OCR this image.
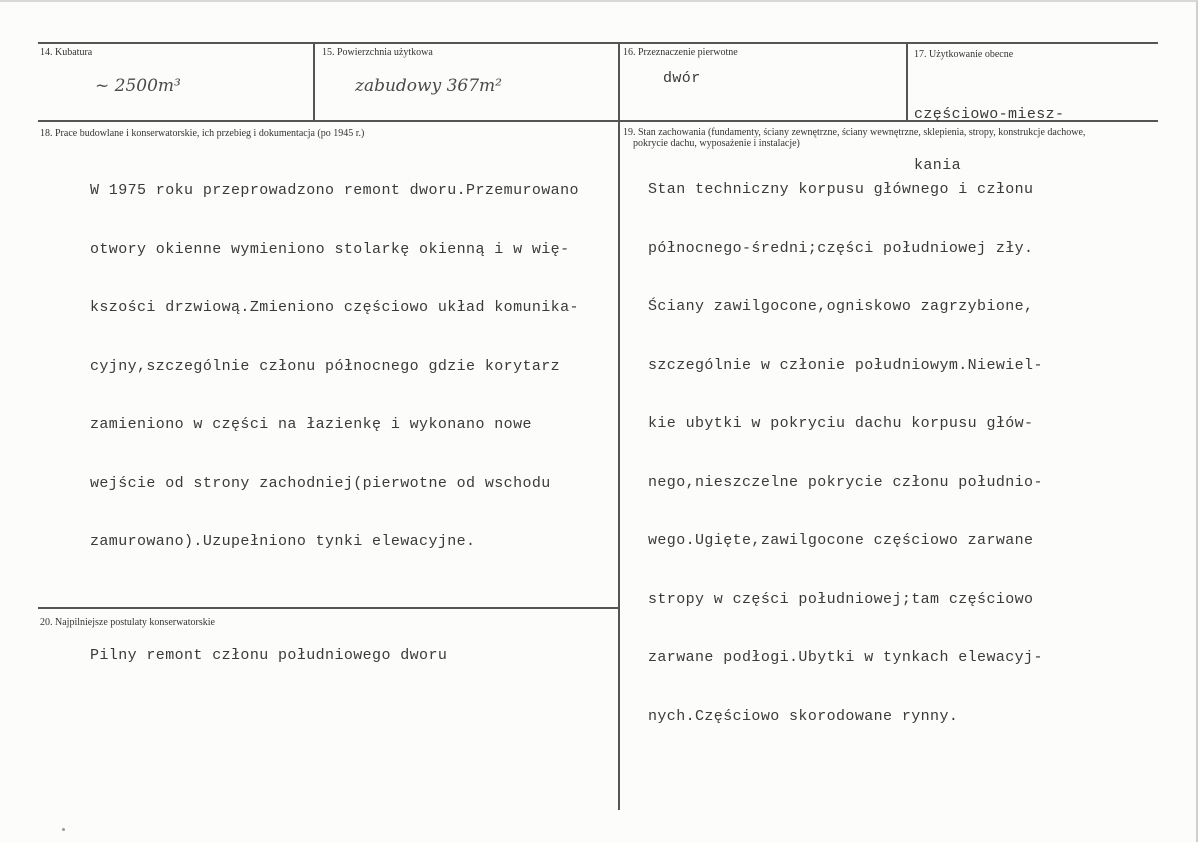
14. Kubatura
~ 2500m³
15. Powierzchnia użytkowa
zabudowy 367m²
16. Przeznaczenie pierwotne
dwór
17. Użytkowanie obecne

częściowo-miesz-

kania

18. Prace budowlane i konserwatorskie, ich przebieg i dokumentacja (po 1945 r.)

W 1975 roku przeprowadzono remont dworu.Przemurowano

otwory okienne wymieniono stolarkę okienną i w wię-

kszości drzwiową.Zmieniono częściowo układ komunika-

cyjny,szczególnie członu północnego gdzie korytarz

zamieniono w części na łazienkę i wykonano nowe

wejście od strony zachodniej(pierwotne od wschodu

zamurowano).Uzupełniono tynki elewacyjne.

19. Stan zachowania (fundamenty, ściany zewnętrzne, ściany wewnętrzne, sklepienia, stropy, konstrukcje dachowe,
pokrycie dachu, wyposażenie i instalacje)

Stan techniczny korpusu głównego i członu

północnego-średni;części południowej zły.

Ściany zawilgocone,ogniskowo zagrzybione,

szczególnie w członie południowym.Niewiel-

kie ubytki w pokryciu dachu korpusu głów-

nego,nieszczelne pokrycie członu południo-

wego.Ugięte,zawilgocone częściowo zarwane

stropy w części południowej;tam częściowo

zarwane podłogi.Ubytki w tynkach elewacyj-

nych.Częściowo skorodowane rynny.

20. Najpilniejsze postulaty konserwatorskie
Pilny remont członu południowego dworu
